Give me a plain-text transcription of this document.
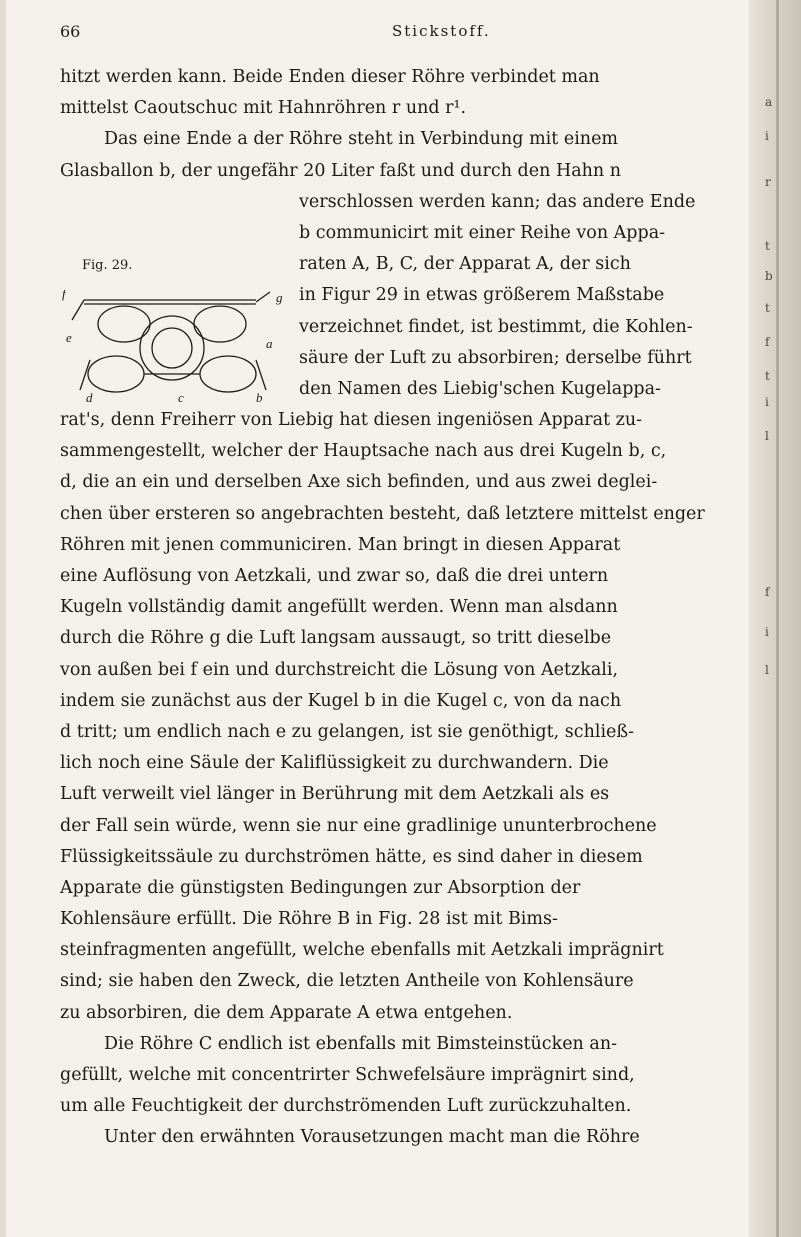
a
i
r
t
b
t
f
t
i
l
f
i
l
66	Stickstoff.
Fig. 29.
f	g
e	a
d	c	b
hitzt werden kann. Beide Enden dieser Röhre verbindet man
mittelst Caoutschuc mit Hahnröhren r und r¹.
Das eine Ende a der Röhre steht in Verbindung mit einem
Glasballon b, der ungefähr 20 Liter faßt und durch den Hahn n
verschlossen werden kann; das andere Ende
b communicirt mit einer Reihe von Appa-
raten A, B, C, der Apparat A, der sich
in Figur 29 in etwas größerem Maßstabe
verzeichnet findet, ist bestimmt, die Kohlen-
säure der Luft zu absorbiren; derselbe führt
den Namen des Liebig'schen Kugelappa-
rat's, denn Freiherr von Liebig hat diesen ingeniösen Apparat zu-
sammengestellt, welcher der Hauptsache nach aus drei Kugeln b, c,
d, die an ein und derselben Axe sich befinden, und aus zwei deglei-
chen über ersteren so angebrachten besteht, daß letztere mittelst enger
Röhren mit jenen communiciren. Man bringt in diesen Apparat
eine Auflösung von Aetzkali, und zwar so, daß die drei untern
Kugeln vollständig damit angefüllt werden. Wenn man alsdann
durch die Röhre g die Luft langsam aussaugt, so tritt dieselbe
von außen bei f ein und durchstreicht die Lösung von Aetzkali,
indem sie zunächst aus der Kugel b in die Kugel c, von da nach
d tritt; um endlich nach e zu gelangen, ist sie genöthigt, schließ-
lich noch eine Säule der Kaliflüssigkeit zu durchwandern. Die
Luft verweilt viel länger in Berührung mit dem Aetzkali als es
der Fall sein würde, wenn sie nur eine gradlinige ununterbrochene
Flüssigkeitssäule zu durchströmen hätte, es sind daher in diesem
Apparate die günstigsten Bedingungen zur Absorption der
Kohlensäure erfüllt. Die Röhre B in Fig. 28 ist mit Bims-
steinfragmenten angefüllt, welche ebenfalls mit Aetzkali imprägnirt
sind; sie haben den Zweck, die letzten Antheile von Kohlensäure
zu absorbiren, die dem Apparate A etwa entgehen.
Die Röhre C endlich ist ebenfalls mit Bimsteinstücken an-
gefüllt, welche mit concentrirter Schwefelsäure imprägnirt sind,
um alle Feuchtigkeit der durchströmenden Luft zurückzuhalten.
Unter den erwähnten Vorausetzungen macht man die Röhre
